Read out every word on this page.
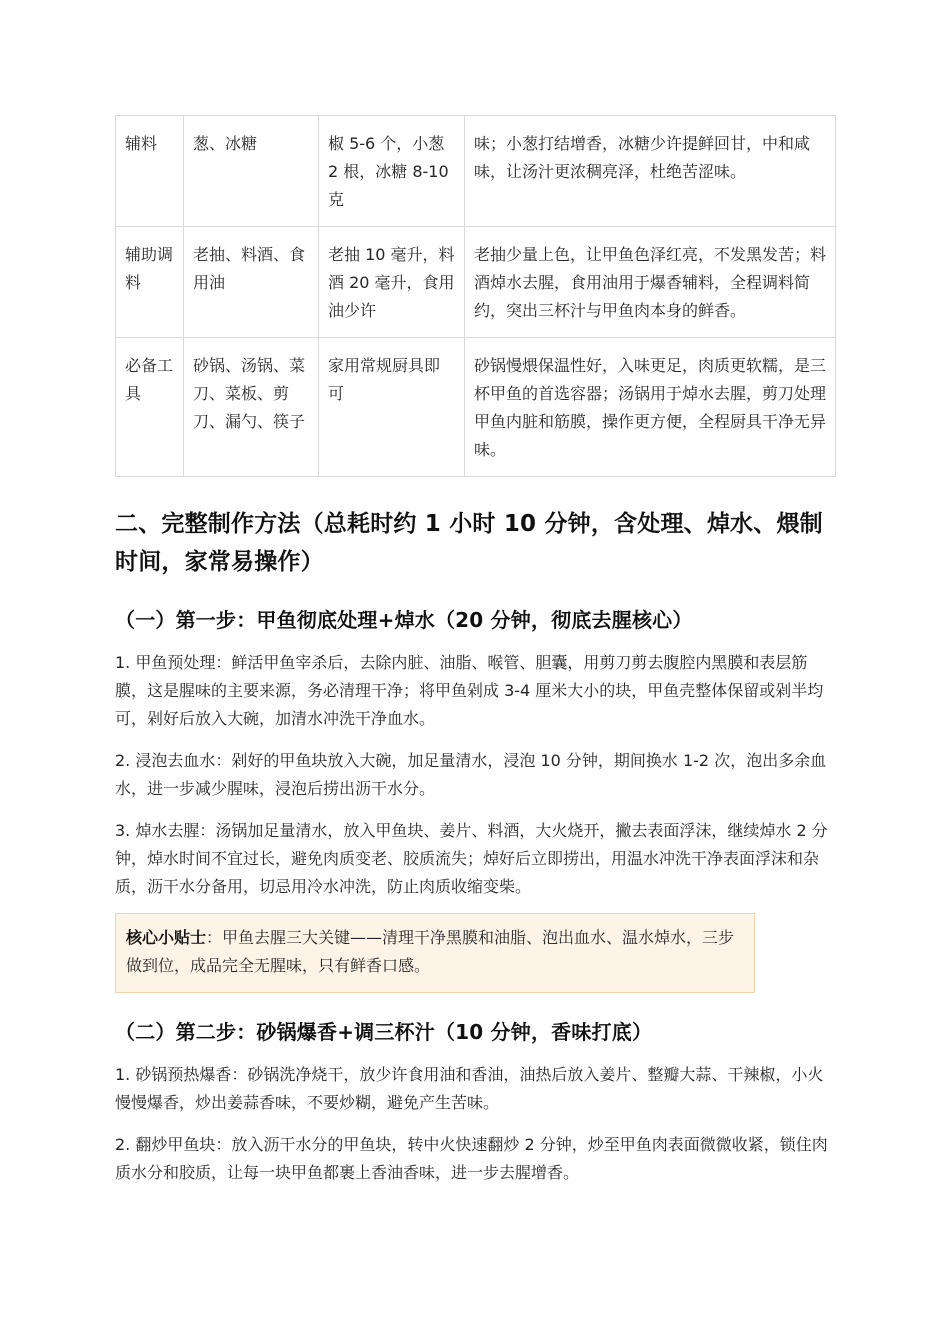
辅料	葱、冰糖	椒 5-6 个，小葱 2 根，冰糖 8-10 克	味；小葱打结增香，冰糖少许提鲜回甘，中和咸味，让汤汁更浓稠亮泽，杜绝苦涩味。
辅助调料	老抽、料酒、食用油	老抽 10 毫升，料酒 20 毫升，食用油少许	老抽少量上色，让甲鱼色泽红亮，不发黑发苦；料酒焯水去腥，食用油用于爆香辅料，全程调料简约，突出三杯汁与甲鱼肉本身的鲜香。
必备工具	砂锅、汤锅、菜刀、菜板、剪刀、漏勺、筷子	家用常规厨具即可	砂锅慢煨保温性好，入味更足，肉质更软糯，是三杯甲鱼的首选容器；汤锅用于焯水去腥，剪刀处理甲鱼内脏和筋膜，操作更方便，全程厨具干净无异味。
二、完整制作方法（总耗时约 1 小时 10 分钟，含处理、焯水、煨制时间，家常易操作）
（一）第一步：甲鱼彻底处理+焯水（20 分钟，彻底去腥核心）

1. 甲鱼预处理：鲜活甲鱼宰杀后，去除内脏、油脂、喉管、胆囊，用剪刀剪去腹腔内黑膜和表层筋膜，这是腥味的主要来源，务必清理干净；将甲鱼剁成 3-4 厘米大小的块，甲鱼壳整体保留或剁半均可，剁好后放入大碗，加清水冲洗干净血水。

2. 浸泡去血水：剁好的甲鱼块放入大碗，加足量清水，浸泡 10 分钟，期间换水 1-2 次，泡出多余血水，进一步减少腥味，浸泡后捞出沥干水分。

3. 焯水去腥：汤锅加足量清水，放入甲鱼块、姜片、料酒，大火烧开，撇去表面浮沫，继续焯水 2 分钟，焯水时间不宜过长，避免肉质变老、胶质流失；焯好后立即捞出，用温水冲洗干净表面浮沫和杂质，沥干水分备用，切忌用冷水冲洗，防止肉质收缩变柴。

核心小贴士：甲鱼去腥三大关键——清理干净黑膜和油脂、泡出血水、温水焯水，三步做到位，成品完全无腥味，只有鲜香口感。
（二）第二步：砂锅爆香+调三杯汁（10 分钟，香味打底）

1. 砂锅预热爆香：砂锅洗净烧干，放少许食用油和香油，油热后放入姜片、整瓣大蒜、干辣椒，小火慢慢爆香，炒出姜蒜香味，不要炒糊，避免产生苦味。

2. 翻炒甲鱼块：放入沥干水分的甲鱼块，转中火快速翻炒 2 分钟，炒至甲鱼肉表面微微收紧，锁住肉质水分和胶质，让每一块甲鱼都裹上香油香味，进一步去腥增香。
